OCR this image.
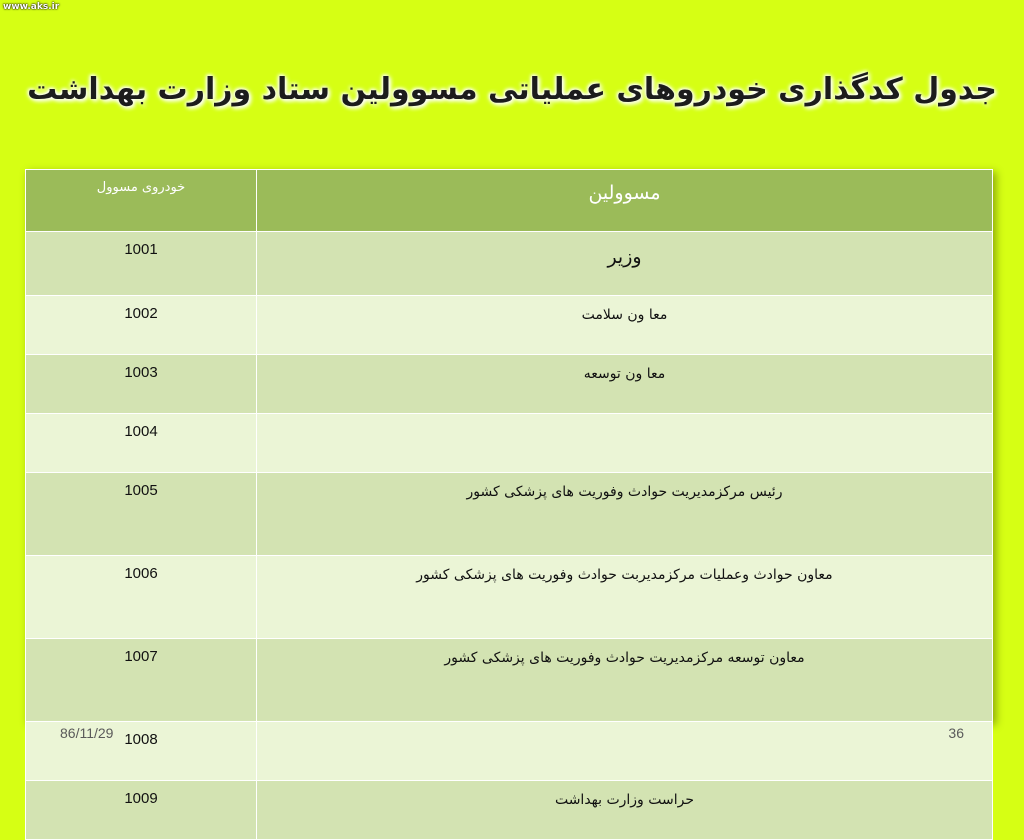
www.aks.ir
جدول کدگذاری خودروهای عملیاتی مسوولین ستاد وزارت بهداشت
خودروی مسوول	مسوولین
1001	وزیر
1002	معا ون سلامت
1003	معا ون توسعه
1004	
1005	رئیس مرکزمدیریت حوادث وفوریت های پزشکی کشور
1006	معاون حوادث وعملیات مرکزمدیربت حوادث وفوریت های پزشکی کشور
1007	معاون توسعه مرکزمدیریت حوادث وفوریت های پزشکی کشور
1008	
1009	حراست وزارت بهداشت
86/11/29	36
